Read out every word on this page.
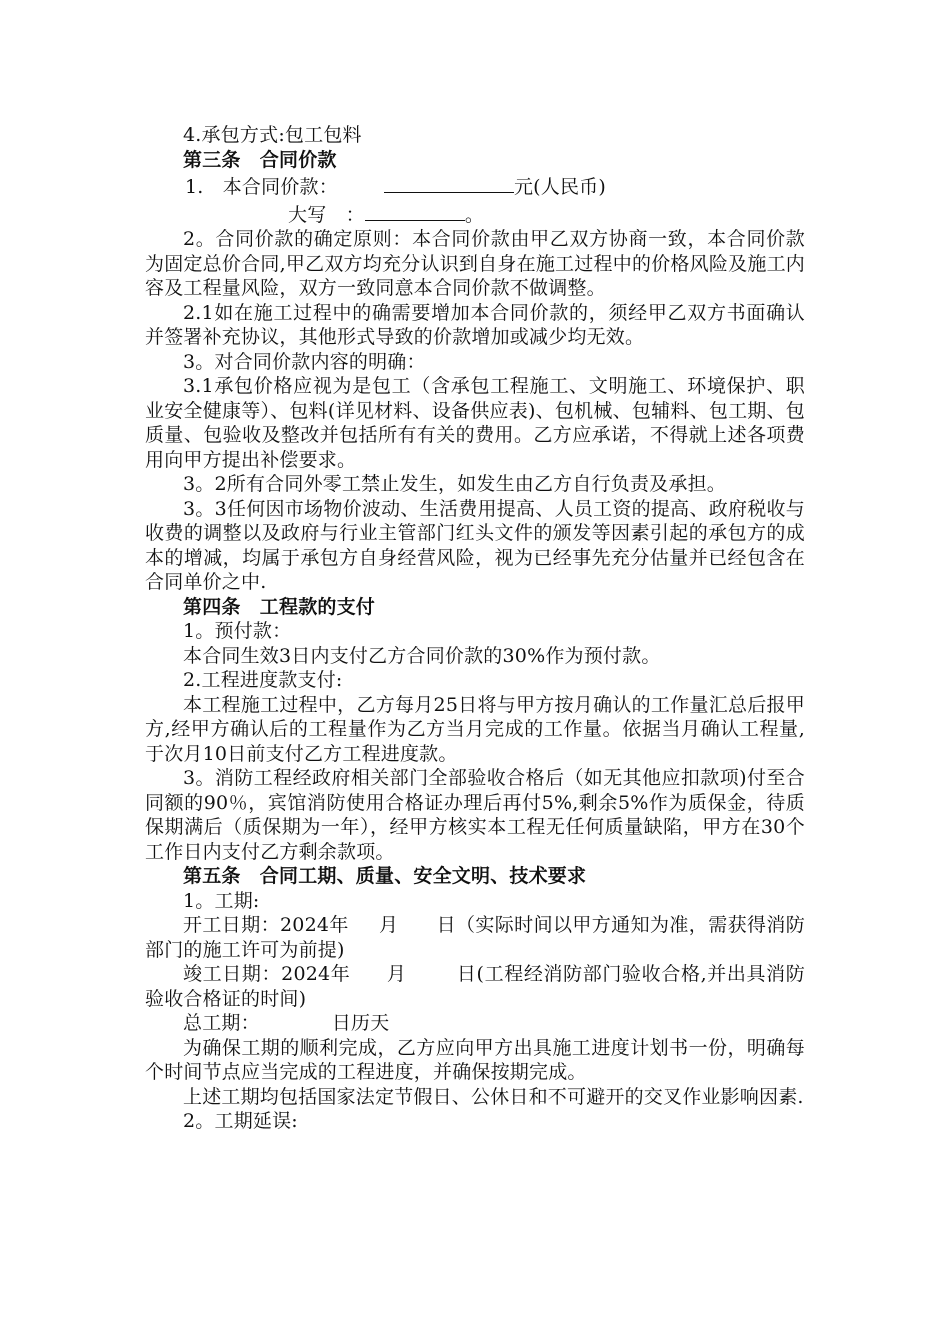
4.承包方式:包工包料

第三条　合同价款

1.　本合同价款：	元(人民币)

大写　：	。

2。合同价款的确定原则：本合同价款由甲乙双方协商一致，本合同价款为固定总价合同,甲乙双方均充分认识到自身在施工过程中的价格风险及施工内容及工程量风险，双方一致同意本合同价款不做调整。

2.1如在施工过程中的确需要增加本合同价款的，须经甲乙双方书面确认并签署补充协议，其他形式导致的价款增加或减少均无效。

3。对合同价款内容的明确：

3.1承包价格应视为是包工（含承包工程施工、文明施工、环境保护、职业安全健康等）、包料(详见材料、设备供应表)、包机械、包辅料、包工期、包质量、包验收及整改并包括所有有关的费用。乙方应承诺，不得就上述各项费用向甲方提出补偿要求。

3。2所有合同外零工禁止发生，如发生由乙方自行负责及承担。

3。3任何因市场物价波动、生活费用提高、人员工资的提高、政府税收与收费的调整以及政府与行业主管部门红头文件的颁发等因素引起的承包方的成本的增减，均属于承包方自身经营风险，视为已经事先充分估量并已经包含在合同单价之中.

第四条　工程款的支付

1。预付款：

本合同生效3日内支付乙方合同价款的30%作为预付款。

2.工程进度款支付:

本工程施工过程中，乙方每月25日将与甲方按月确认的工作量汇总后报甲方,经甲方确认后的工程量作为乙方当月完成的工作量。依据当月确认工程量,于次月10日前支付乙方工程进度款。

3。消防工程经政府相关部门全部验收合格后（如无其他应扣款项)付至合同额的90％，宾馆消防使用合格证办理后再付5%,剩余5%作为质保金，待质保期满后（质保期为一年），经甲方核实本工程无任何质量缺陷，甲方在30个工作日内支付乙方剩余款项。

第五条　合同工期、质量、安全文明、技术要求

1。工期:

开工日期：2024年 月 日（实际时间以甲方通知为准，需获得消防部门的施工许可为前提)

竣工日期：2024年 月	日(工程经消防部门验收合格,并出具消防验收合格证的时间)

总工期：	日历天

为确保工期的顺利完成，乙方应向甲方出具施工进度计划书一份，明确每个时间节点应当完成的工程进度，并确保按期完成。

上述工期均包括国家法定节假日、公休日和不可避开的交叉作业影响因素.

2。工期延误:
